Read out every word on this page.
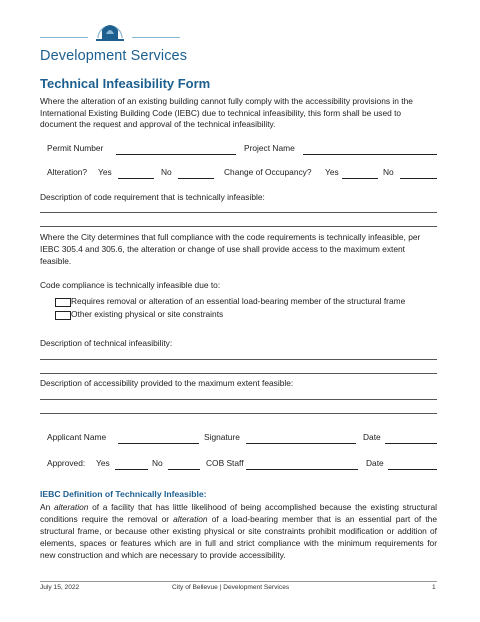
Development Services
Technical Infeasibility Form
Where the alteration of an existing building cannot fully comply with the accessibility provisions in the International Existing Building Code (IEBC) due to technical infeasibility, this form shall be used to document the request and approval of the technical infeasibility.
Permit Number	Project Name
Alteration? Yes	No	Change of Occupancy? Yes	No
Description of code requirement that is technically infeasible:
Where the City determines that full compliance with the code requirements is technically infeasible, per IEBC 305.4 and 305.6, the alteration or change of use shall provide access to the maximum extent feasible.
Code compliance is technically infeasible due to:
Requires removal or alteration of an essential load-bearing member of the structural frame
Other existing physical or site constraints
Description of technical infeasibility:
Description of accessibility provided to the maximum extent feasible:
Applicant Name	Signature	Date
Approved: Yes	No	COB Staff	Date
IEBC Definition of Technically Infeasible:
An alteration of a facility that has little likelihood of being accomplished because the existing structural conditions require the removal or alteration of a load-bearing member that is an essential part of the structural frame, or because other existing physical or site constraints prohibit modification or addition of elements, spaces or features which are in full and strict compliance with the minimum requirements for new construction and which are necessary to provide accessibility.
July 15, 2022	City of Bellevue | Development Services	1
